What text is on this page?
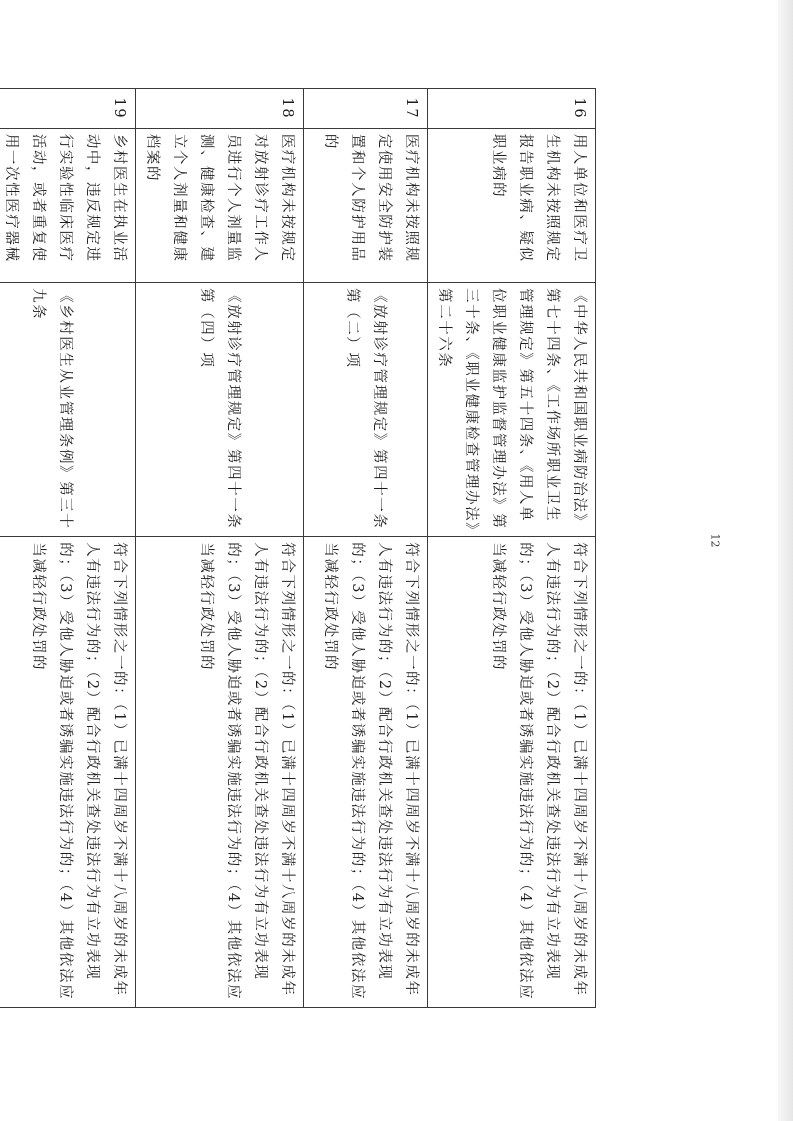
16	用人单位和医疗卫生机构未按照规定报告职业病、疑似职业病的	《中华人民共和国职业病防治法》第七十四条、《工作场所职业卫生管理规定》第五十四条、《用人单位职业健康监护监督管理办法》第三十条、《职业健康检查管理办法》第二十六条	符合下列情形之一的：（1）已满十四周岁不满十八周岁的未成年人有违法行为的；（2）配合行政机关查处违法行为有立功表现的；（3）受他人胁迫或者诱骗实施违法行为的；（4）其他依法应当减轻行政处罚的
17	医疗机构未按照规定使用安全防护装置和个人防护用品的	《放射诊疗管理规定》第四十一条第（二）项	符合下列情形之一的：（1）已满十四周岁不满十八周岁的未成年人有违法行为的；（2）配合行政机关查处违法行为有立功表现的；（3）受他人胁迫或者诱骗实施违法行为的；（4）其他依法应当减轻行政处罚的
18	医疗机构未按规定对放射诊疗工作人员进行个人剂量监测、健康检查、建立个人剂量和健康档案的	《放射诊疗管理规定》第四十一条第（四）项	符合下列情形之一的：（1）已满十四周岁不满十八周岁的未成年人有违法行为的；（2）配合行政机关查处违法行为有立功表现的；（3）受他人胁迫或者诱骗实施违法行为的；（4）其他依法应当减轻行政处罚的
19	乡村医生在执业活动中，违反规定进行实验性临床医疗活动，或者重复使用一次性医疗器械	《乡村医生从业管理条例》第三十九条	符合下列情形之一的：（1）已满十四周岁不满十八周岁的未成年人有违法行为的；（2）配合行政机关查处违法行为有立功表现的；（3）受他人胁迫或者诱骗实施违法行为的；（4）其他依法应当减轻行政处罚的
12
